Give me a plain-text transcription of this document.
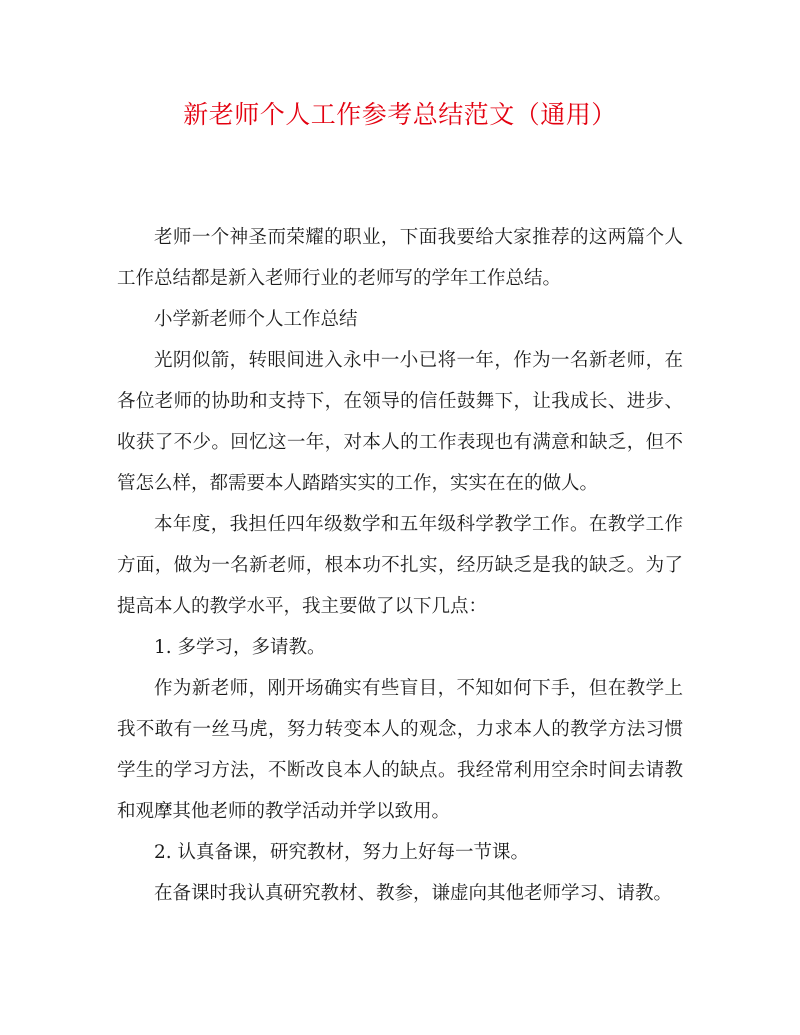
新老师个人工作参考总结范文（通用）

老师一个神圣而荣耀的职业，下面我要给大家推荐的这两篇个人工作总结都是新入老师行业的老师写的学年工作总结。

小学新老师个人工作总结

光阴似箭，转眼间进入永中一小已将一年，作为一名新老师，在各位老师的协助和支持下，在领导的信任鼓舞下，让我成长、进步、收获了不少。回忆这一年，对本人的工作表现也有满意和缺乏，但不管怎么样，都需要本人踏踏实实的工作，实实在在的做人。

本年度，我担任四年级数学和五年级科学教学工作。在教学工作方面，做为一名新老师，根本功不扎实，经历缺乏是我的缺乏。为了提高本人的教学水平，我主要做了以下几点：

1. 多学习，多请教。

作为新老师，刚开场确实有些盲目，不知如何下手，但在教学上我不敢有一丝马虎，努力转变本人的观念，力求本人的教学方法习惯学生的学习方法，不断改良本人的缺点。我经常利用空余时间去请教和观摩其他老师的教学活动并学以致用。

2. 认真备课，研究教材，努力上好每一节课。

在备课时我认真研究教材、教参，谦虚向其他老师学习、请教。
